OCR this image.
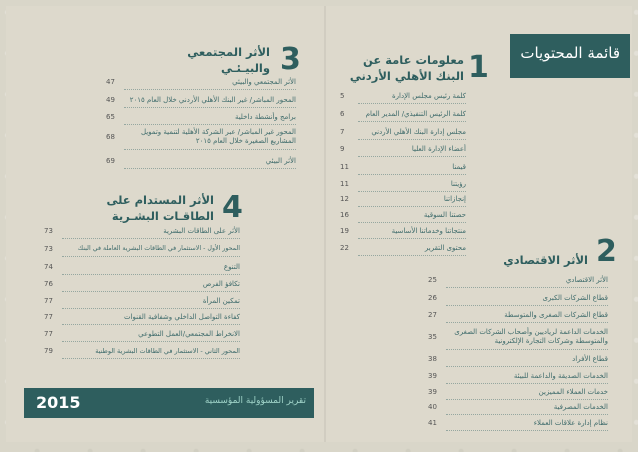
قائمة المحتويات
1
معلومات عامة عن
البنك الأهلي الأردني
كلمة رئيس مجلس الإدارة
5
كلمة الرئيس التنفيذي/ المدير العام
6
مجلس إدارة البنك الأهلي الأردني
7
أعضاء الإدارة العليا
9
قيمنا
11
رؤيتنا
11
إنجازاتنا
12
حصتنا السوقية
16
منتجاتنا وخدماتنا الأساسية
19
محتوى التقرير
22	2
الأثر الاقتصادي
الأثر الاقتصادي
25
قطاع الشركات الكبرى
26
قطاع الشركات الصغرى والمتوسطة
27
الخدمات الداعمة لرياديين وأصحاب الشركات الصغرى والمتوسطة وشركات التجارة الإلكترونية
35
قطاع الأفراد
38
الخدمات الصديقة والداعمة للبيئة
39
خدمات العملاء المميزين
39
الخدمات المصرفية
40
نظام إدارة علاقات العملاء
41
3
الأثر المجتمعي
والبيـئـي
الأثر المجتمعي والبيئي
47
المحور المباشر/ غير البنك الأهلي الأردني خلال العام ٢٠١٥
49
برامج وأنشطة داخلية
65
المحور غير المباشر/ عبر الشركة الأهلية لتنمية وتمويل المشاريع الصغيرة خلال العام ٢٠١٥
68
الأثر البيئي
69
4
الأثر المستدام على
الطاقـات البشـرية
الأثر على الطاقات البشرية
73
المحور الأول - الاستثمار في الطاقات البشرية العاملة في البنك
73
التنوع
74
تكافؤ الفرص
76
تمكين المرأة
77
كفاءة التواصل الداخلي وشفافية القنوات
77
الانخراط المجتمعي/العمل التطوعي
77
المحور الثاني - الاستثمار في الطاقات البشرية الوطنية
79
2015	تقرير المسؤولية المؤسسية
